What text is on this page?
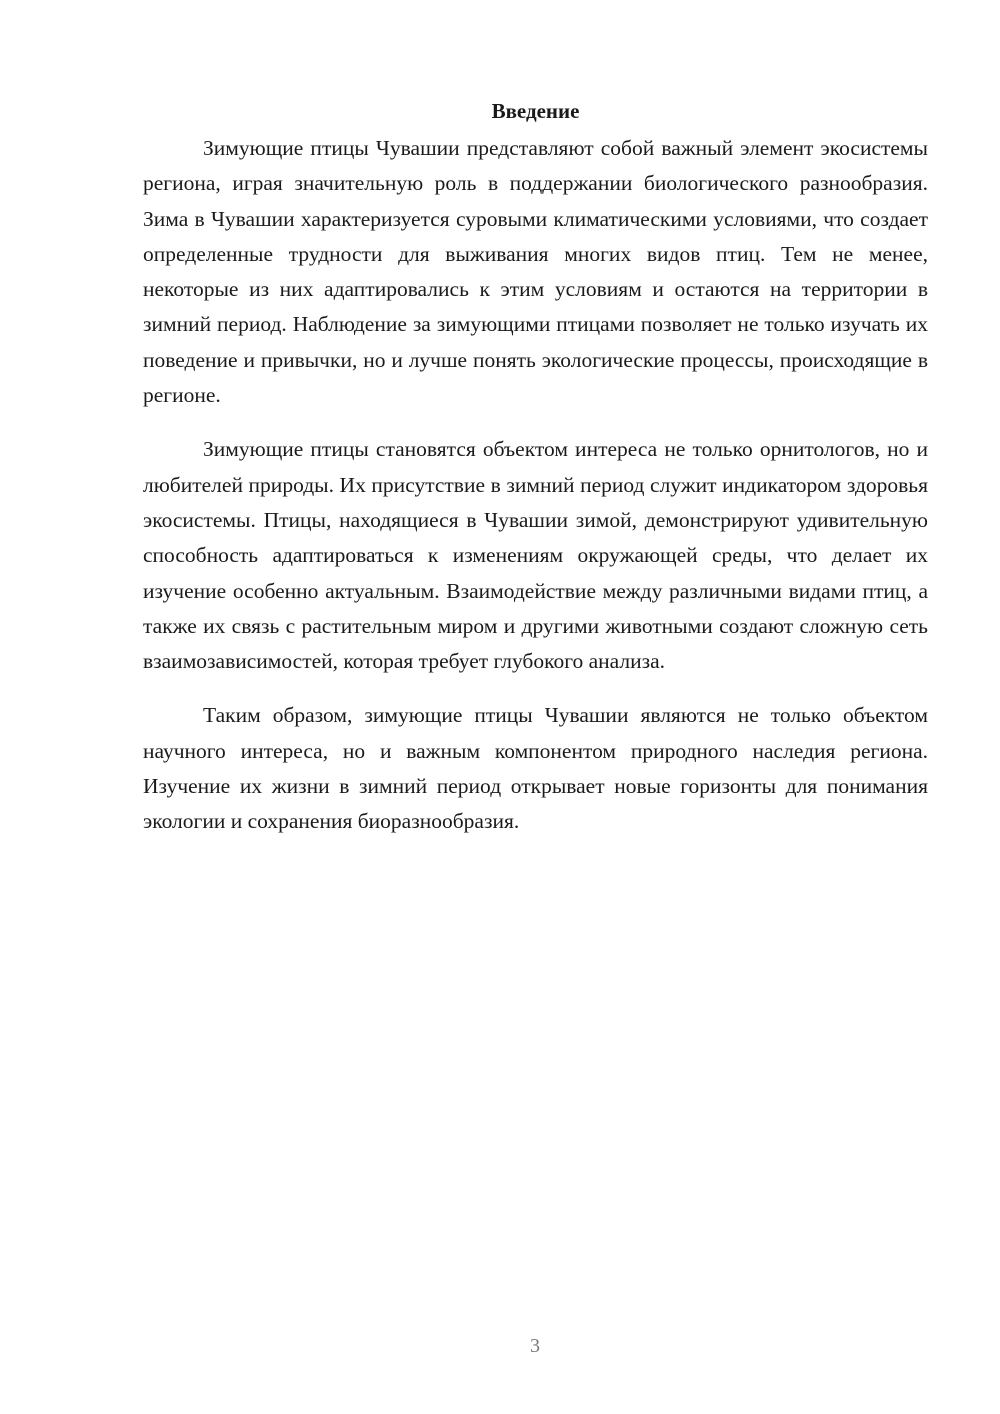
Введение

Зимующие птицы Чувашии представляют собой важный элемент экосистемы региона, играя значительную роль в поддержании биологического разнообразия. Зима в Чувашии характеризуется суровыми климатическими условиями, что создает определенные трудности для выживания многих видов птиц. Тем не менее, некоторые из них адаптировались к этим условиям и остаются на территории в зимний период. Наблюдение за зимующими птицами позволяет не только изучать их поведение и привычки, но и лучше понять экологические процессы, происходящие в регионе.

Зимующие птицы становятся объектом интереса не только орнитологов, но и любителей природы. Их присутствие в зимний период служит индикатором здоровья экосистемы. Птицы, находящиеся в Чувашии зимой, демонстрируют удивительную способность адаптироваться к изменениям окружающей среды, что делает их изучение особенно актуальным. Взаимодействие между различными видами птиц, а также их связь с растительным миром и другими животными создают сложную сеть взаимозависимостей, которая требует глубокого анализа.

Таким образом, зимующие птицы Чувашии являются не только объектом научного интереса, но и важным компонентом природного наследия региона. Изучение их жизни в зимний период открывает новые горизонты для понимания экологии и сохранения биоразнообразия.

3
